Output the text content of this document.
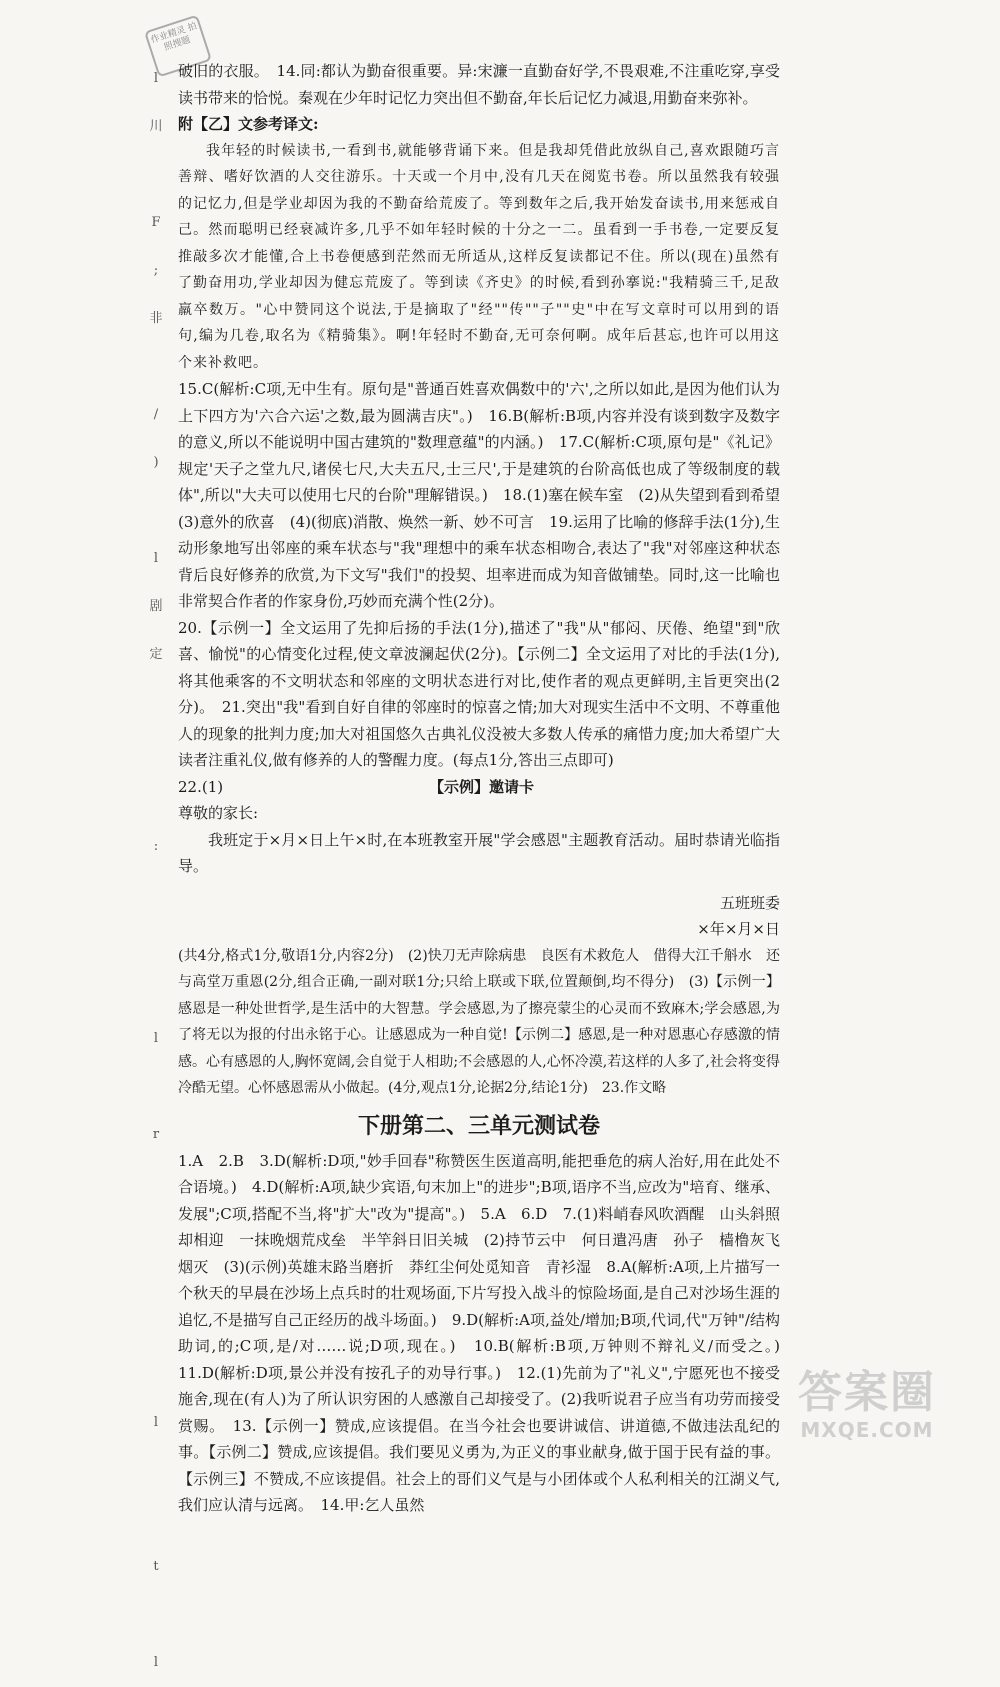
作业精灵 拍照搜题
l
川

F
;
非

/
)

l
剧
定

:

l

r

l

t

l

破旧的衣服。　14.同:都认为勤奋很重要。异:宋濂一直勤奋好学,不畏艰难,不注重吃穿,享受读书带来的恰悦。秦观在少年时记忆力突出但不勤奋,年长后记忆力减退,用勤奋来弥补。

附【乙】文参考译文:

我年轻的时候读书,一看到书,就能够背诵下来。但是我却凭借此放纵自己,喜欢跟随巧言善辩、嗜好饮酒的人交往游乐。十天或一个月中,没有几天在阅览书卷。所以虽然我有较强的记忆力,但是学业却因为我的不勤奋给荒废了。等到数年之后,我开始发奋读书,用来惩戒自己。然而聪明已经衰减许多,几乎不如年轻时候的十分之一二。虽看到一手书卷,一定要反复推敲多次才能懂,合上书卷便感到茫然而无所适从,这样反复读都记不住。所以(现在)虽然有了勤奋用功,学业却因为健忘荒废了。等到读《齐史》的时候,看到孙搴说:"我精骑三千,足敌羸卒数万。"心中赞同这个说法,于是摘取了"经""传""子""史"中在写文章时可以用到的语句,编为几卷,取名为《精骑集》。啊!年轻时不勤奋,无可奈何啊。成年后甚忘,也许可以用这个来补救吧。

15.C(解析:C项,无中生有。原句是"普通百姓喜欢偶数中的'六',之所以如此,是因为他们认为上下四方为'六合六运'之数,最为圆满吉庆"。)　16.B(解析:B项,内容并没有谈到数字及数字的意义,所以不能说明中国古建筑的"数理意蕴"的内涵。)　17.C(解析:C项,原句是"《礼记》规定'天子之堂九尺,诸侯七尺,大夫五尺,士三尺',于是建筑的台阶高低也成了等级制度的载体",所以"大夫可以使用七尺的台阶"理解错误。)　18.(1)塞在候车室　(2)从失望到看到希望　(3)意外的欣喜　(4)(彻底)消散、焕然一新、妙不可言　19.运用了比喻的修辞手法(1分),生动形象地写出邻座的乘车状态与"我"理想中的乘车状态相吻合,表达了"我"对邻座这种状态背后良好修养的欣赏,为下文写"我们"的投契、坦率进而成为知音做铺垫。同时,这一比喻也非常契合作者的作家身份,巧妙而充满个性(2分)。

20.【示例一】全文运用了先抑后扬的手法(1分),描述了"我"从"郁闷、厌倦、绝望"到"欣喜、愉悦"的心情变化过程,使文章波澜起伏(2分)。【示例二】全文运用了对比的手法(1分),将其他乘客的不文明状态和邻座的文明状态进行对比,使作者的观点更鲜明,主旨更突出(2分)。　21.突出"我"看到自好自律的邻座时的惊喜之情;加大对现实生活中不文明、不尊重他人的现象的批判力度;加大对祖国悠久古典礼仪没被大多数人传承的痛惜力度;加大希望广大读者注重礼仪,做有修养的人的警醒力度。(每点1分,答出三点即可)

22.(1)	【示例】邀请卡

尊敬的家长:

我班定于×月×日上午×时,在本班教室开展"学会感恩"主题教育活动。届时恭请光临指导。

五班班委

×年×月×日

(共4分,格式1分,敬语1分,内容2分)　(2)快刀无声除病患　良医有术救危人　借得大江千斛水　还与高堂万重恩(2分,组合正确,一副对联1分;只给上联或下联,位置颠倒,均不得分)　(3)【示例一】感恩是一种处世哲学,是生活中的大智慧。学会感恩,为了擦亮蒙尘的心灵而不致麻木;学会感恩,为了将无以为报的付出永铭于心。让感恩成为一种自觉!【示例二】感恩,是一种对恩惠心存感激的情感。心有感恩的人,胸怀宽阔,会自觉于人相助;不会感恩的人,心怀冷漠,若这样的人多了,社会将变得冷酷无望。心怀感恩需从小做起。(4分,观点1分,论据2分,结论1分)　23.作文略

下册第二、三单元测试卷

1.A　2.B　3.D(解析:D项,"妙手回春"称赞医生医道高明,能把垂危的病人治好,用在此处不合语境。)　4.D(解析:A项,缺少宾语,句末加上"的进步";B项,语序不当,应改为"培育、继承、发展";C项,搭配不当,将"扩大"改为"提高"。)　5.A　6.D　7.(1)料峭春风吹酒醒　山头斜照却相迎　一抹晚烟荒戍垒　半竿斜日旧关城　(2)持节云中　何日遣冯唐　孙子　樯橹灰飞烟灭　(3)(示例)英雄末路当磨折　莽红尘何处觅知音　青衫湿　8.A(解析:A项,上片描写一个秋天的早晨在沙场上点兵时的壮观场面,下片写投入战斗的惊险场面,是自己对沙场生涯的追忆,不是描写自己正经历的战斗场面。)　9.D(解析:A项,益处/增加;B项,代词,代"万钟"/结构助词,的;C项,是/对……说;D项,现在。)　10.B(解析:B项,万钟则不辩礼义/而受之。)　11.D(解析:D项,景公并没有按孔子的劝导行事。)　12.(1)先前为了"礼义",宁愿死也不接受施舍,现在(有人)为了所认识穷困的人感激自己却接受了。(2)我听说君子应当有功劳而接受赏赐。　13.【示例一】赞成,应该提倡。在当今社会也要讲诚信、讲道德,不做违法乱纪的事。【示例二】赞成,应该提倡。我们要见义勇为,为正义的事业献身,做于国于民有益的事。【示例三】不赞成,不应该提倡。社会上的哥们义气是与小团体或个人私利相关的江湖义气,我们应认清与远离。　14.甲:乞人虽然

答案圈
MXQE.COM
